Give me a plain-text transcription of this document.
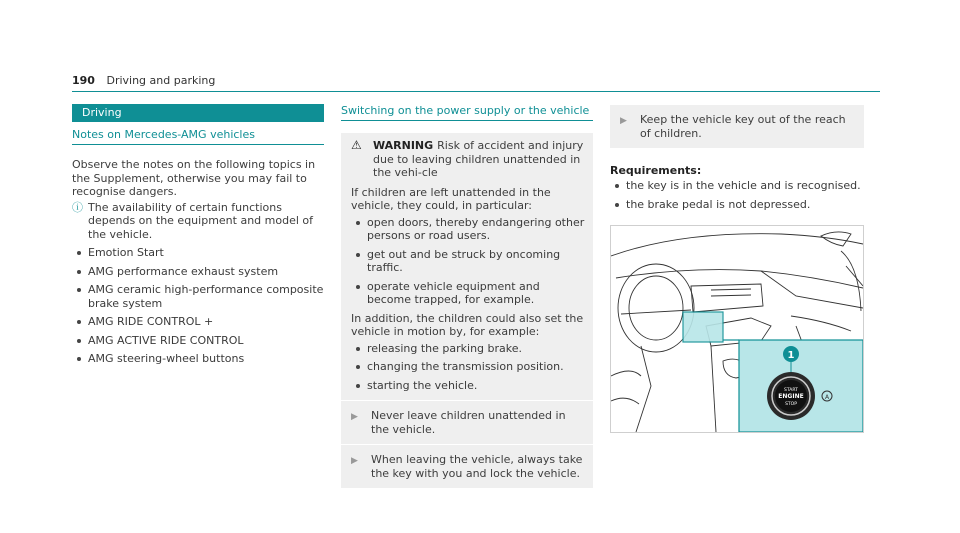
190 Driving and parking
Driving
Notes on Mercedes-AMG vehicles
Observe the notes on the following topics in the Supplement, otherwise you may fail to recognise dangers.
ⓘ The availability of certain functions depends on the equipment and model of the vehicle.
Emotion Start
AMG performance exhaust system
AMG ceramic high-performance composite brake system
AMG RIDE CONTROL +
AMG ACTIVE RIDE CONTROL
AMG steering-wheel buttons
Switching on the power supply or the vehicle
⚠	WARNING Risk of accident and injury due to leaving children unattended in the vehi-cle
If children are left unattended in the vehicle, they could, in particular:
open doors, thereby endangering other persons or road users.
get out and be struck by oncoming traffic.
operate vehicle equipment and become trapped, for example.
In addition, the children could also set the vehicle in motion by, for example:
releasing the parking brake.
changing the transmission position.
starting the vehicle.
▶	Never leave children unattended in the vehicle.
▶	When leaving the vehicle, always take the key with you and lock the vehicle.
▶	Keep the vehicle key out of the reach of children.
Requirements:
the key is in the vehicle and is recognised.
the brake pedal is not depressed.
START
ENGINE
STOP
A
1
